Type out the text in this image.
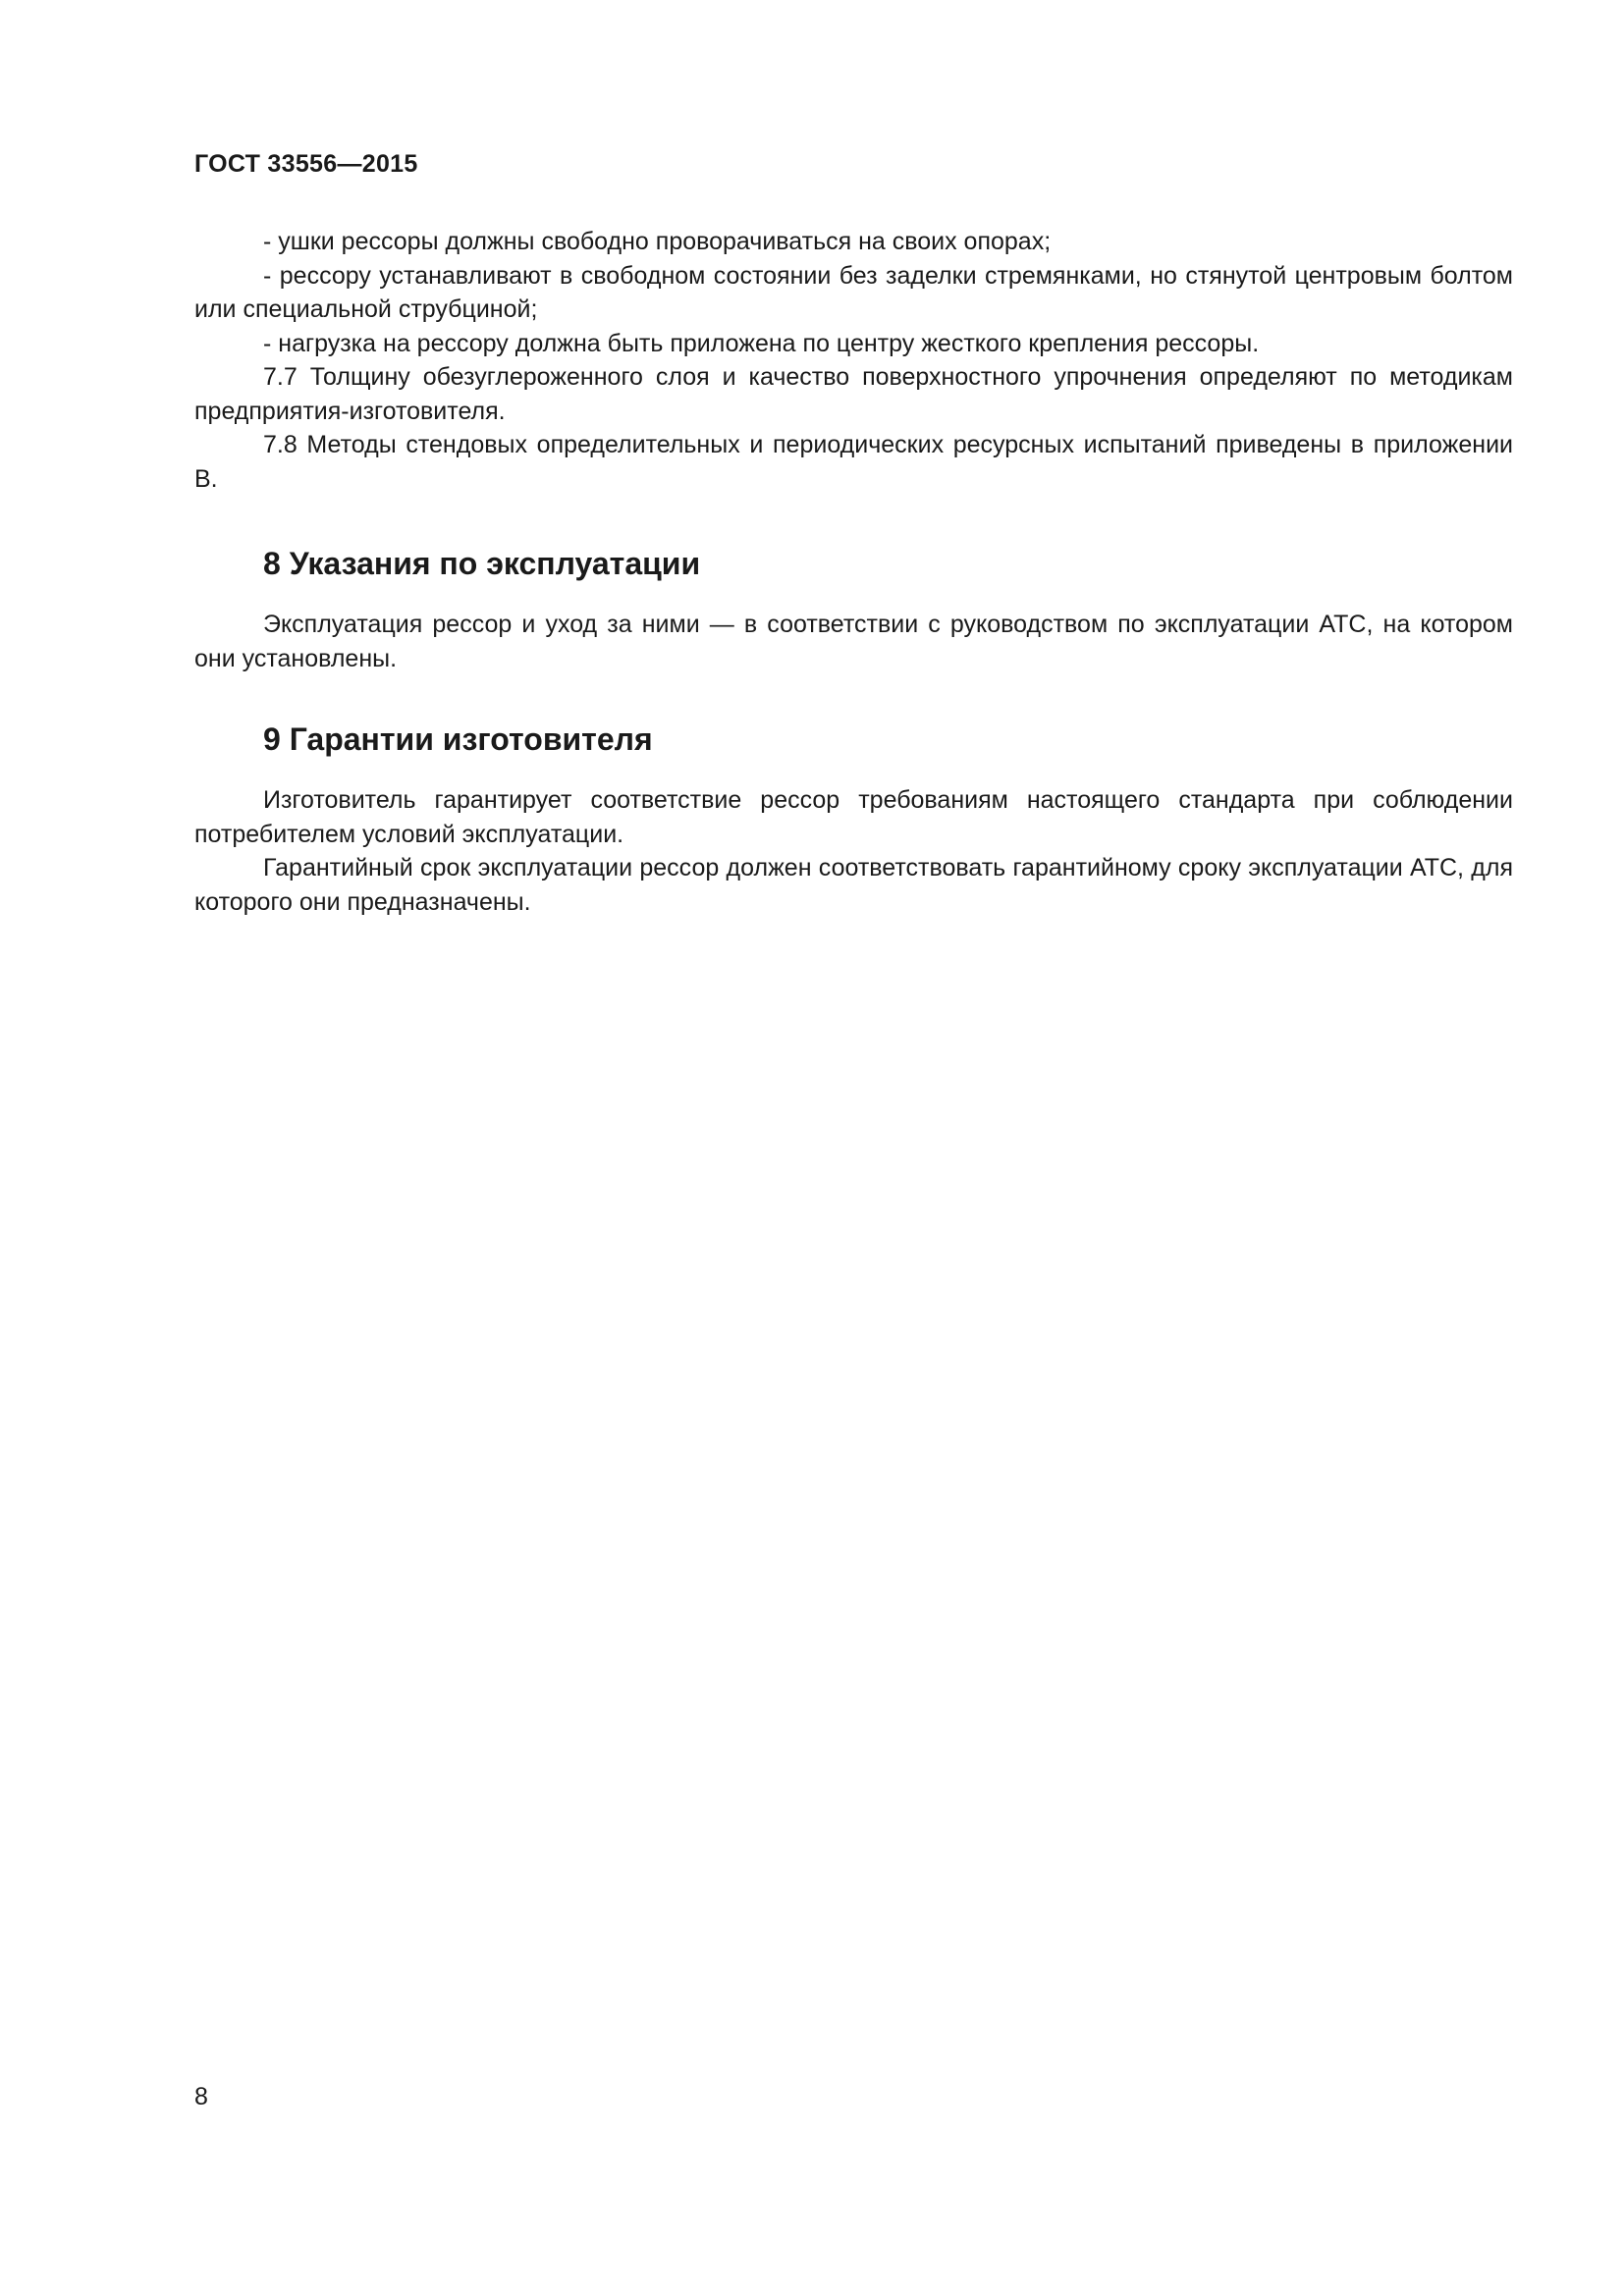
ГОСТ 33556—2015

- ушки рессоры должны свободно проворачиваться на своих опорах;

- рессору устанавливают в свободном состоянии без заделки стремянками, но стянутой центровым болтом или специальной струбциной;

- нагрузка на рессору должна быть приложена по центру жесткого крепления рессоры.

7.7 Толщину обезуглероженного слоя и качество поверхностного упрочнения определяют по методикам предприятия-изготовителя.

7.8 Методы стендовых определительных и периодических ресурсных испытаний приведены в приложении В.

8 Указания по эксплуатации

Эксплуатация рессор и уход за ними — в соответствии с руководством по эксплуатации АТС, на котором они установлены.

9 Гарантии изготовителя

Изготовитель гарантирует соответствие рессор требованиям настоящего стандарта при соблюдении потребителем условий эксплуатации.

Гарантийный срок эксплуатации рессор должен соответствовать гарантийному сроку эксплуатации АТС, для которого они предназначены.

8
